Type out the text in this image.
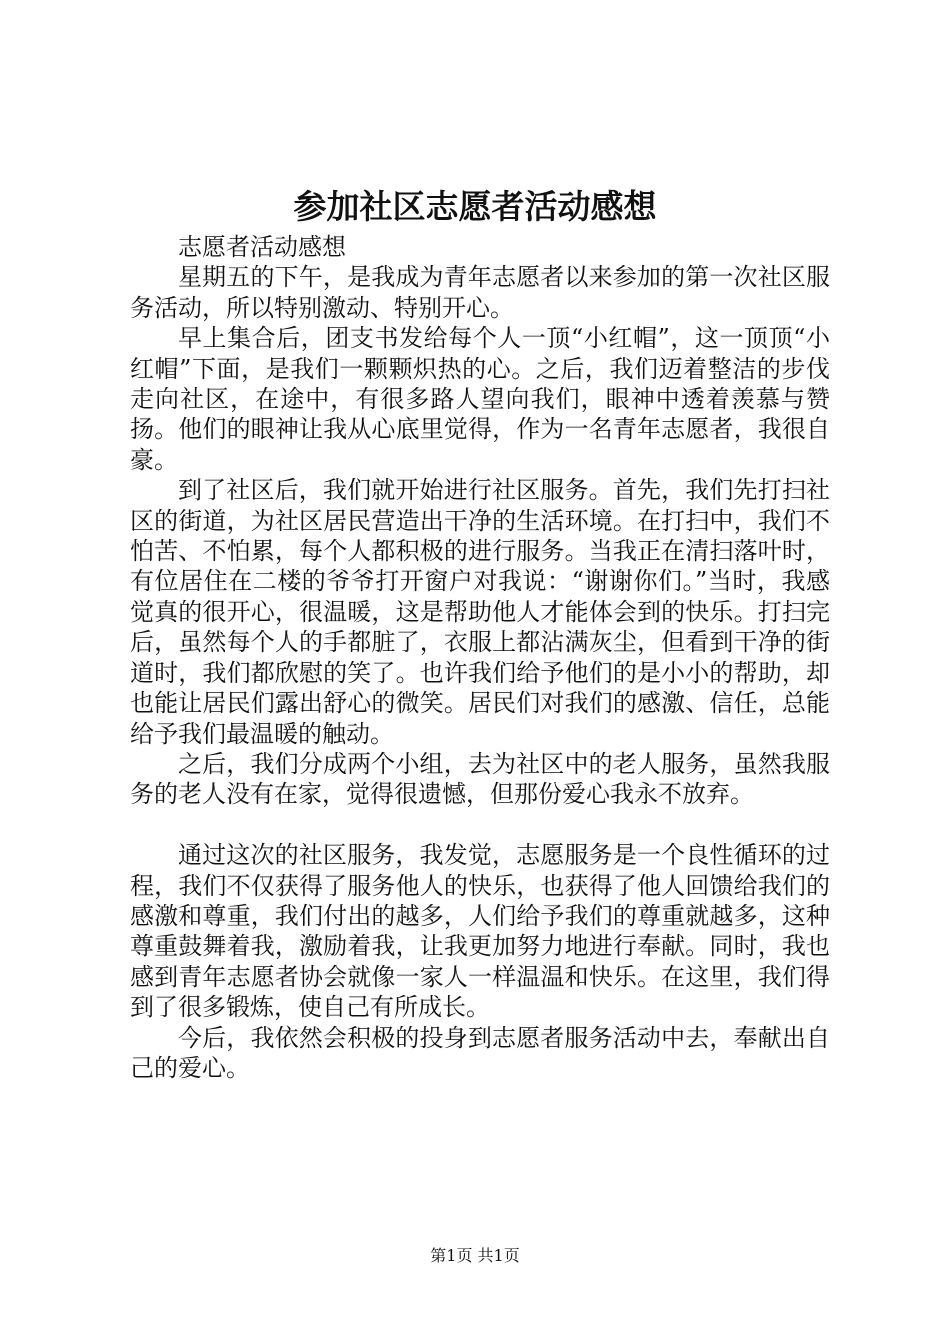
参加社区志愿者活动感想

志愿者活动感想

星期五的下午，是我成为青年志愿者以来参加的第一次社区服务活动，所以特别激动、特别开心。

早上集合后，团支书发给每个人一顶“小红帽”，这一顶顶“小红帽”下面，是我们一颗颗炽热的心。之后，我们迈着整洁的步伐走向社区，在途中，有很多路人望向我们，眼神中透着羡慕与赞扬。他们的眼神让我从心底里觉得，作为一名青年志愿者，我很自豪。

到了社区后，我们就开始进行社区服务。首先，我们先打扫社区的街道，为社区居民营造出干净的生活环境。在打扫中，我们不怕苦、不怕累，每个人都积极的进行服务。当我正在清扫落叶时，有位居住在二楼的爷爷打开窗户对我说：“谢谢你们。”当时，我感觉真的很开心，很温暖，这是帮助他人才能体会到的快乐。打扫完后，虽然每个人的手都脏了，衣服上都沾满灰尘，但看到干净的街道时，我们都欣慰的笑了。也许我们给予他们的是小小的帮助，却也能让居民们露出舒心的微笑。居民们对我们的感激、信任，总能给予我们最温暖的触动。

之后，我们分成两个小组，去为社区中的老人服务，虽然我服务的老人没有在家，觉得很遗憾，但那份爱心我永不放弃。

通过这次的社区服务，我发觉，志愿服务是一个良性循环的过程，我们不仅获得了服务他人的快乐，也获得了他人回馈给我们的感激和尊重，我们付出的越多，人们给予我们的尊重就越多，这种尊重鼓舞着我，激励着我，让我更加努力地进行奉献。同时，我也感到青年志愿者协会就像一家人一样温温和快乐。在这里，我们得到了很多锻炼，使自己有所成长。

今后，我依然会积极的投身到志愿者服务活动中去，奉献出自己的爱心。

第1页 共1页
